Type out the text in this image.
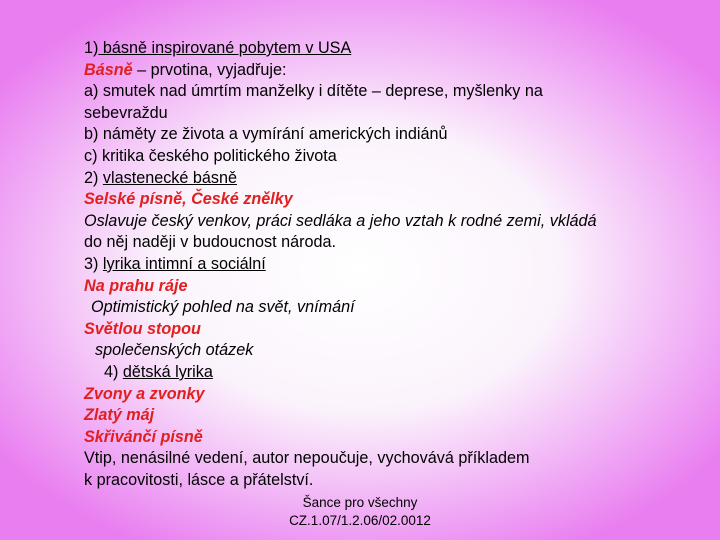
1) básně inspirované pobytem v USA
Básně – prvotina, vyjadřuje:
a) smutek nad úmrtím manželky i dítěte – deprese, myšlenky na
sebevraždu
b) náměty ze života a vymírání amerických indiánů
c) kritika českého politického života
2) vlastenecké básně
Selské písně, České znělky
Oslavuje český venkov, práci sedláka a jeho vztah k rodné zemi, vkládá
do něj naději v budoucnost národa.
3) lyrika intimní a sociální
Na prahu ráje
Optimistický pohled na svět, vnímání
Světlou stopou
společenských otázek
4) dětská lyrika
Zvony a zvonky
Zlatý máj
Skřivánčí písně
Vtip, nenásilné vedení, autor nepoučuje, vychovává příkladem
k pracovitosti, lásce a přátelství.
Šance pro všechny
CZ.1.07/1.2.06/02.0012
